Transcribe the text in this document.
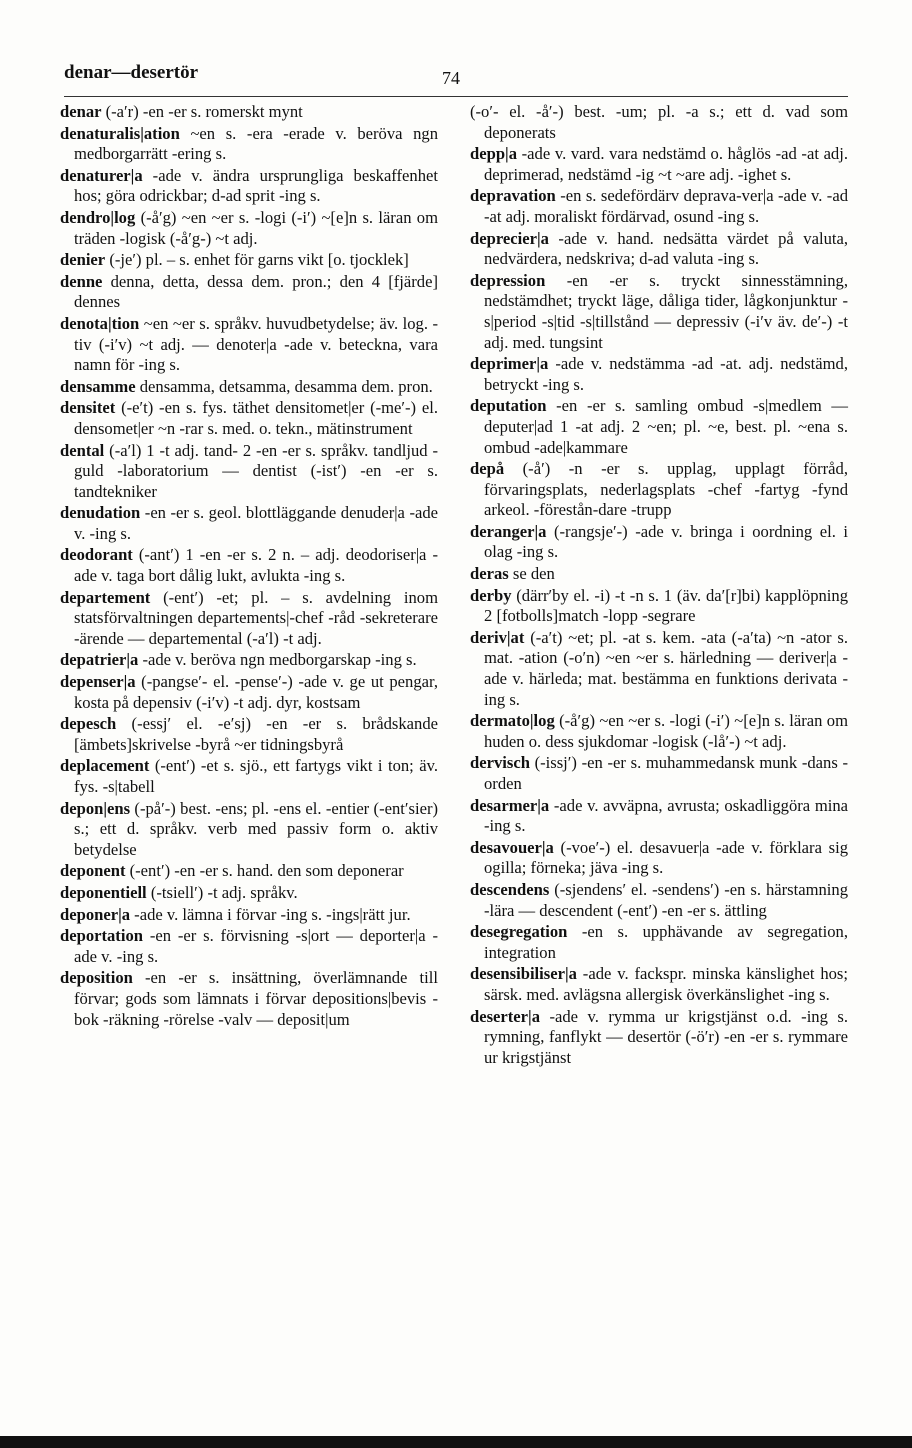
denar—desertör	74

denar (-a′r) -en -er s. romerskt mynt

denaturalis|ation ~en s. -era -erade v. beröva ngn medborgarrätt -ering s.

denaturer|a -ade v. ändra ursprungliga beskaffenhet hos; göra odrickbar; d-ad sprit -ing s.

dendro|log (-å′g) ~en ~er s. -logi (-i′) ~[e]n s. läran om träden -logisk (-å′g-) ~t adj.

denier (-je′) pl. – s. enhet för garns vikt [o. tjocklek]

denne denna, detta, dessa dem. pron.; den 4 [fjärde] dennes

denota|tion ~en ~er s. språkv. huvudbetydelse; äv. log. -tiv (-i′v) ~t adj. — denoter|a -ade v. beteckna, vara namn för -ing s.

densamme densamma, detsamma, desamma dem. pron.

densitet (-e′t) -en s. fys. täthet densitomet|er (-me′-) el. densomet|er ~n -rar s. med. o. tekn., mätinstrument

dental (-a′l) 1 -t adj. tand- 2 -en -er s. språkv. tandljud -guld -laboratorium — dentist (-ist′) -en -er s. tandtekniker

denudation -en -er s. geol. blottläggande denuder|a -ade v. -ing s.

deodorant (-ant′) 1 -en -er s. 2 n. – adj. deodoriser|a -ade v. taga bort dålig lukt, avlukta -ing s.

departement (-ent′) -et; pl. – s. avdelning inom statsförvaltningen departements|-chef -råd -sekreterare -ärende — departemental (-a′l) -t adj.

depatrier|a -ade v. beröva ngn medborgarskap -ing s.

depenser|a (-pangse′- el. -pense′-) -ade v. ge ut pengar, kosta på depensiv (-i′v) -t adj. dyr, kostsam

depesch (-essj′ el. -e′sj) -en -er s. brådskande [ämbets]skrivelse -byrå ~er tidningsbyrå

deplacement (-ent′) -et s. sjö., ett fartygs vikt i ton; äv. fys. -s|tabell

depon|ens (-på′-) best. -ens; pl. -ens el. -entier (-ent′sier) s.; ett d. språkv. verb med passiv form o. aktiv betydelse

deponent (-ent′) -en -er s. hand. den som deponerar

deponentiell (-tsiell′) -t adj. språkv.

deponer|a -ade v. lämna i förvar -ing s. -ings|rätt jur.

deportation -en -er s. förvisning -s|ort — deporter|a -ade v. -ing s.

deposition -en -er s. insättning, överlämnande till förvar; gods som lämnats i förvar depositions|bevis -bok -räkning -rörelse -valv — deposit|um

(-o′- el. -å′-) best. -um; pl. -a s.; ett d. vad som deponerats

depp|a -ade v. vard. vara nedstämd o. håglös -ad -at adj. deprimerad, nedstämd -ig ~t ~are adj. -ighet s.

depravation -en s. sedefördärv deprava-ver|a -ade v. -ad -at adj. moraliskt fördärvad, osund -ing s.

deprecier|a -ade v. hand. nedsätta värdet på valuta, nedvärdera, nedskriva; d-ad valuta -ing s.

depression -en -er s. tryckt sinnesstämning, nedstämdhet; tryckt läge, dåliga tider, lågkonjunktur -s|period -s|tid -s|tillstånd — depressiv (-i′v äv. de′-) -t adj. med. tungsint

deprimer|a -ade v. nedstämma -ad -at. adj. nedstämd, betryckt -ing s.

deputation -en -er s. samling ombud -s|medlem — deputer|ad 1 -at adj. 2 ~en; pl. ~e, best. pl. ~ena s. ombud -ade|kammare

depå (-å′) -n -er s. upplag, upplagt förråd, förvaringsplats, nederlagsplats -chef -fartyg -fynd arkeol. -förestån-dare -trupp

deranger|a (-rangsje′-) -ade v. bringa i oordning el. i olag -ing s.

deras se den

derby (därr′by el. -i) -t -n s. 1 (äv. da′[r]bi) kapplöpning 2 [fotbolls]match -lopp -segrare

deriv|at (-a′t) ~et; pl. -at s. kem. -ata (-a′ta) ~n -ator s. mat. -ation (-o′n) ~en ~er s. härledning — deriver|a -ade v. härleda; mat. bestämma en funktions derivata -ing s.

dermato|log (-å′g) ~en ~er s. -logi (-i′) ~[e]n s. läran om huden o. dess sjukdomar -logisk (-lå′-) ~t adj.

dervisch (-issj′) -en -er s. muhammedansk munk -dans -orden

desarmer|a -ade v. avväpna, avrusta; oskadliggöra mina -ing s.

desavouer|a (-voe′-) el. desavuer|a -ade v. förklara sig ogilla; förneka; jäva -ing s.

descendens (-sjendens′ el. -sendens′) -en s. härstamning -lära — descendent (-ent′) -en -er s. ättling

desegregation -en s. upphävande av segregation, integration

desensibiliser|a -ade v. fackspr. minska känslighet hos; särsk. med. avlägsna allergisk överkänslighet -ing s.

deserter|a -ade v. rymma ur krigstjänst o.d. -ing s. rymning, fanflykt — desertör (-ö′r) -en -er s. rymmare ur krigstjänst
